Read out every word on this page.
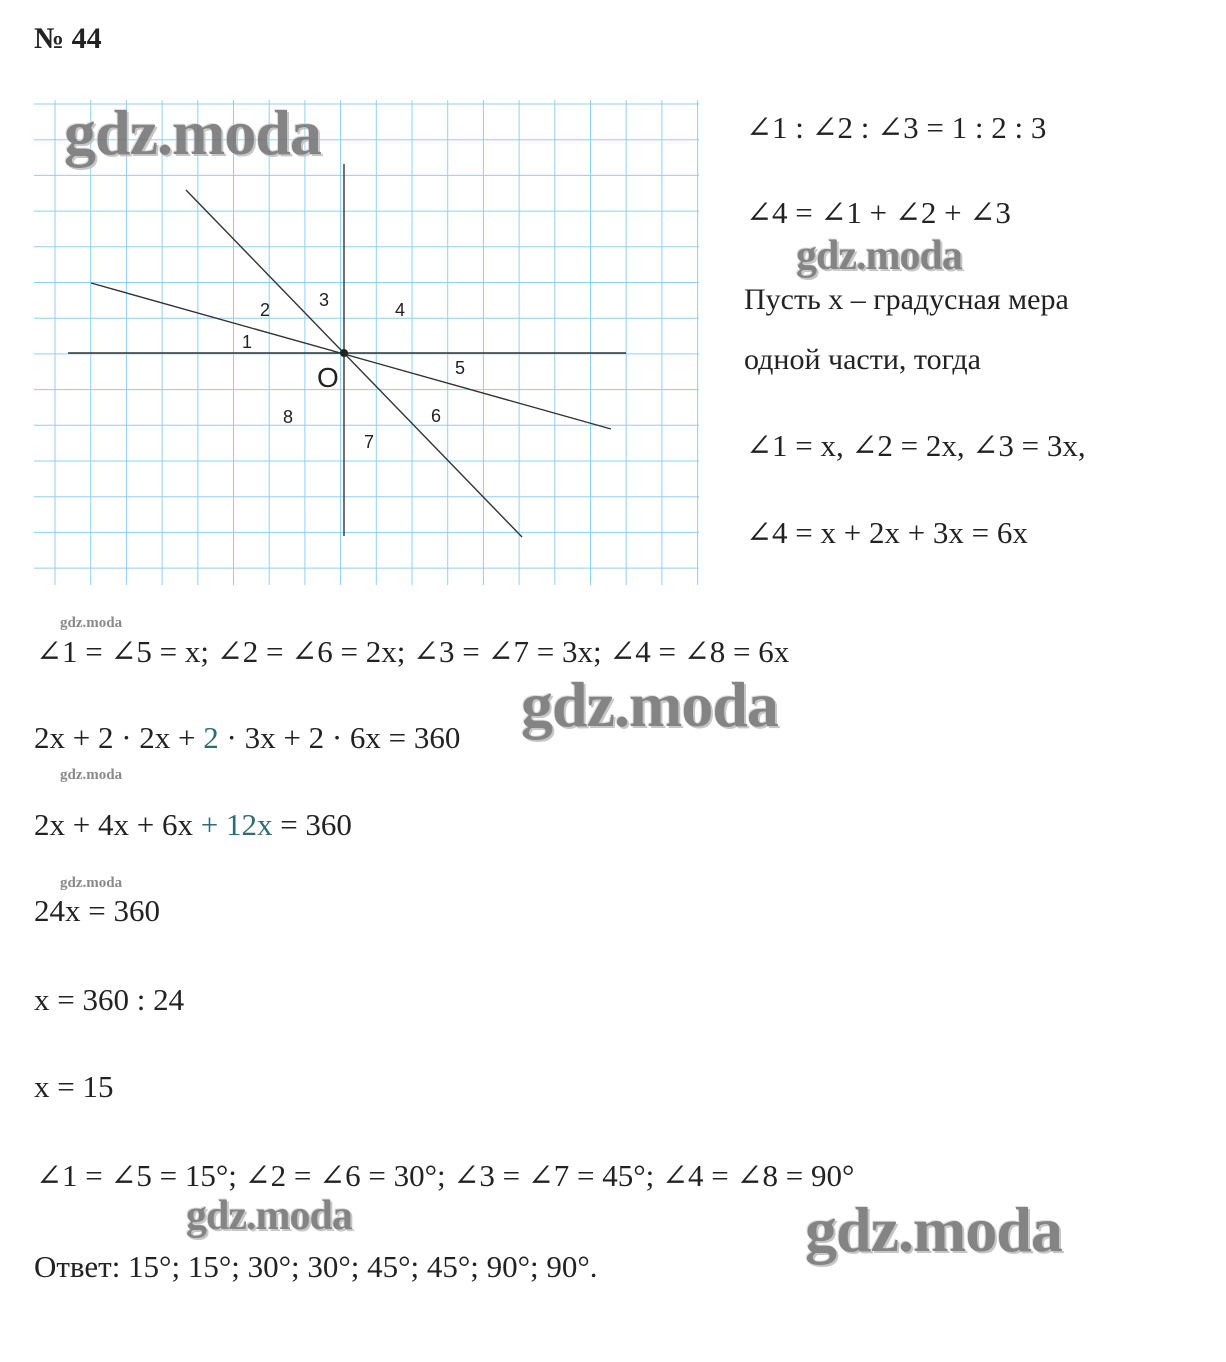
№ 44
1
2	3	4
5
6
7
8
O
∠1 : ∠2 : ∠3 = 1 : 2 : 3
∠4 = ∠1 + ∠2 + ∠3
Пусть x – градусная мера
одной части, тогда
∠1 = x, ∠2 = 2x, ∠3 = 3x,
∠4 = x + 2x + 3x = 6x
∠1 = ∠5 = x; ∠2 = ∠6 = 2x; ∠3 = ∠7 = 3x; ∠4 = ∠8 = 6x
2x + 2 · 2x + 2 · 3x + 2 · 6x = 360
2x + 4x + 6x + 12x = 360
24x = 360
x = 360 : 24
x = 15
∠1 = ∠5 = 15°; ∠2 = ∠6 = 30°; ∠3 = ∠7 = 45°; ∠4 = ∠8 = 90°
Ответ: 15°; 15°; 30°; 30°; 45°; 45°; 90°; 90°.
gdz.moda
gdz.moda
gdz.moda
gdz.moda	gdz.moda
gdz.moda
gdz.moda
gdz.moda
